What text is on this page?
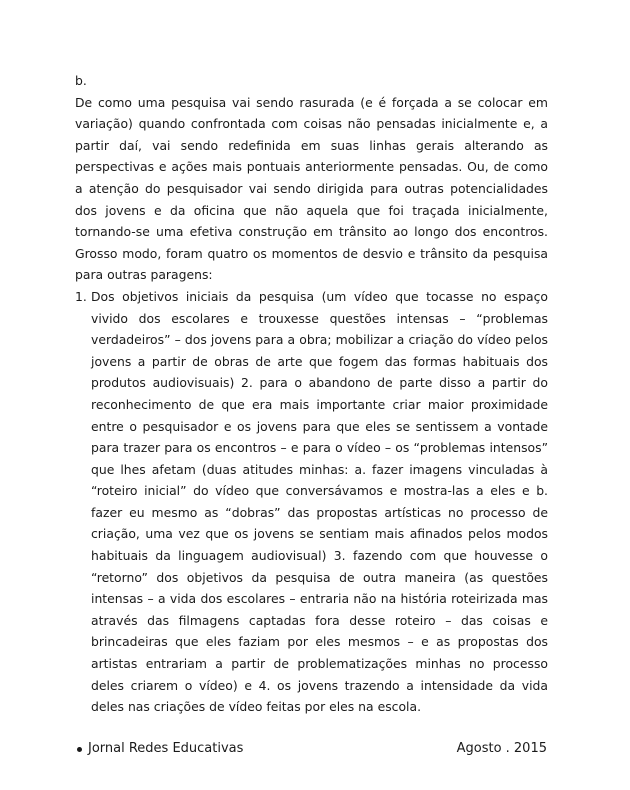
b.

De como uma pesquisa vai sendo rasurada (e é forçada a se colocar em variação) quando confrontada com coisas não pensadas inicialmente e, a partir daí, vai sendo redefinida em suas linhas gerais alterando as perspectivas e ações mais pontuais anteriormente pensadas. Ou, de como a atenção do pesquisador vai sendo dirigida para outras potencialidades dos jovens e da oficina que não aquela que foi traçada inicialmente, tornando-se uma efetiva construção em trânsito ao longo dos encontros. Grosso modo, foram quatro os momentos de desvio e trânsito da pesquisa para outras paragens:

1. Dos objetivos iniciais da pesquisa (um vídeo que tocasse no espaço vivido dos escolares e trouxesse questões intensas – “problemas verdadeiros” – dos jovens para a obra; mobilizar a criação do vídeo pelos jovens a partir de obras de arte que fogem das formas habituais dos produtos audiovisuais) 2. para o abandono de parte disso a partir do reconhecimento de que era mais importante criar maior proximidade entre o pesquisador e os jovens para que eles se sentissem a vontade para trazer para os encontros – e para o vídeo – os “problemas intensos” que lhes afetam (duas atitudes minhas: a. fazer imagens vinculadas à “roteiro inicial” do vídeo que conversávamos e mostra-las a eles e b. fazer eu mesmo as “dobras” das propostas artísticas no processo de criação, uma vez que os jovens se sentiam mais afinados pelos modos habituais da linguagem audiovisual) 3. fazendo com que houvesse o “retorno” dos objetivos da pesquisa de outra maneira (as questões intensas – a vida dos escolares – entraria não na história roteirizada mas através das filmagens captadas fora desse roteiro – das coisas e brincadeiras que eles faziam por eles mesmos – e as propostas dos artistas entrariam a partir de problematizações minhas no processo deles criarem o vídeo) e 4. os jovens trazendo a intensidade da vida deles nas criações de vídeo feitas por eles na escola.
Jornal Redes Educativas	Agosto . 2015
